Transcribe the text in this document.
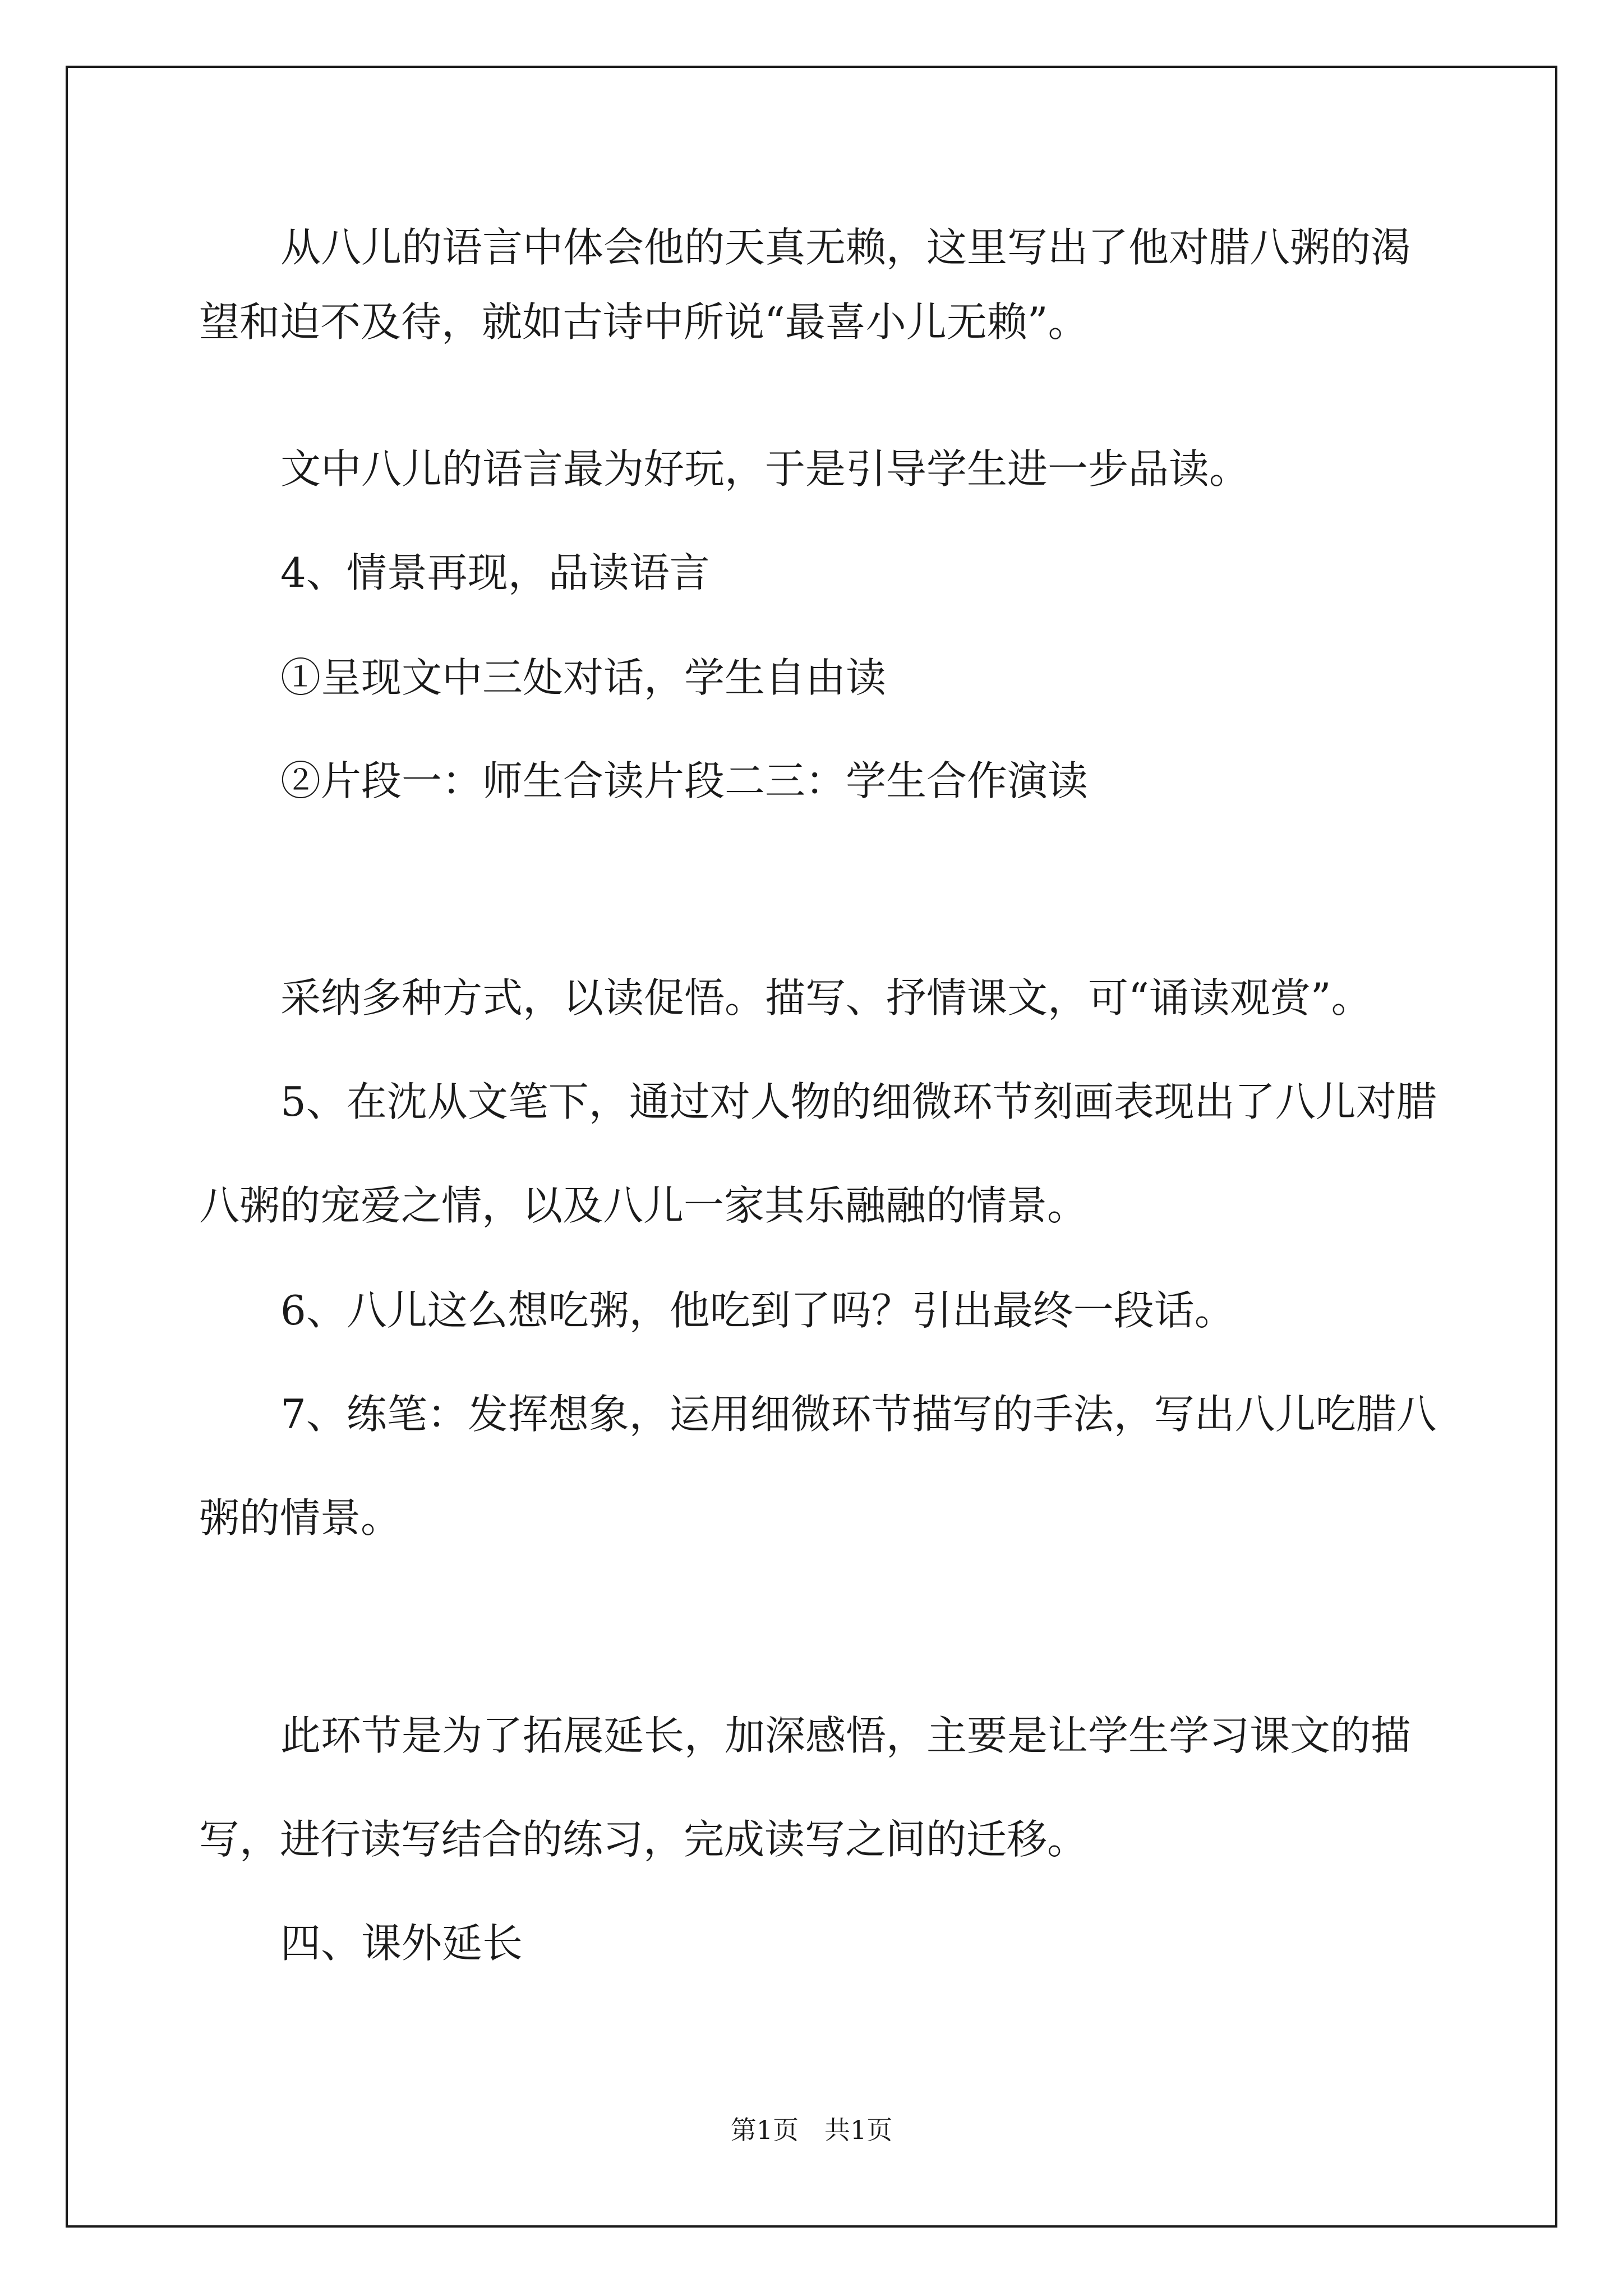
从八儿的语言中体会他的天真无赖，这里写出了他对腊八粥的渴

望和迫不及待，就如古诗中所说“最喜小儿无赖”。

文中八儿的语言最为好玩，于是引导学生进一步品读。

4、情景再现，品读语言

①呈现文中三处对话，学生自由读

②片段一：师生合读片段二三：学生合作演读

采纳多种方式，以读促悟。描写、抒情课文，可“诵读观赏”。

5、在沈从文笔下，通过对人物的细微环节刻画表现出了八儿对腊

八粥的宠爱之情，以及八儿一家其乐融融的情景。

6、八儿这么想吃粥，他吃到了吗？引出最终一段话。

7、练笔：发挥想象，运用细微环节描写的手法，写出八儿吃腊八

粥的情景。

此环节是为了拓展延长，加深感悟，主要是让学生学习课文的描

写，进行读写结合的练习，完成读写之间的迁移。

四、课外延长

第1页　共1页
